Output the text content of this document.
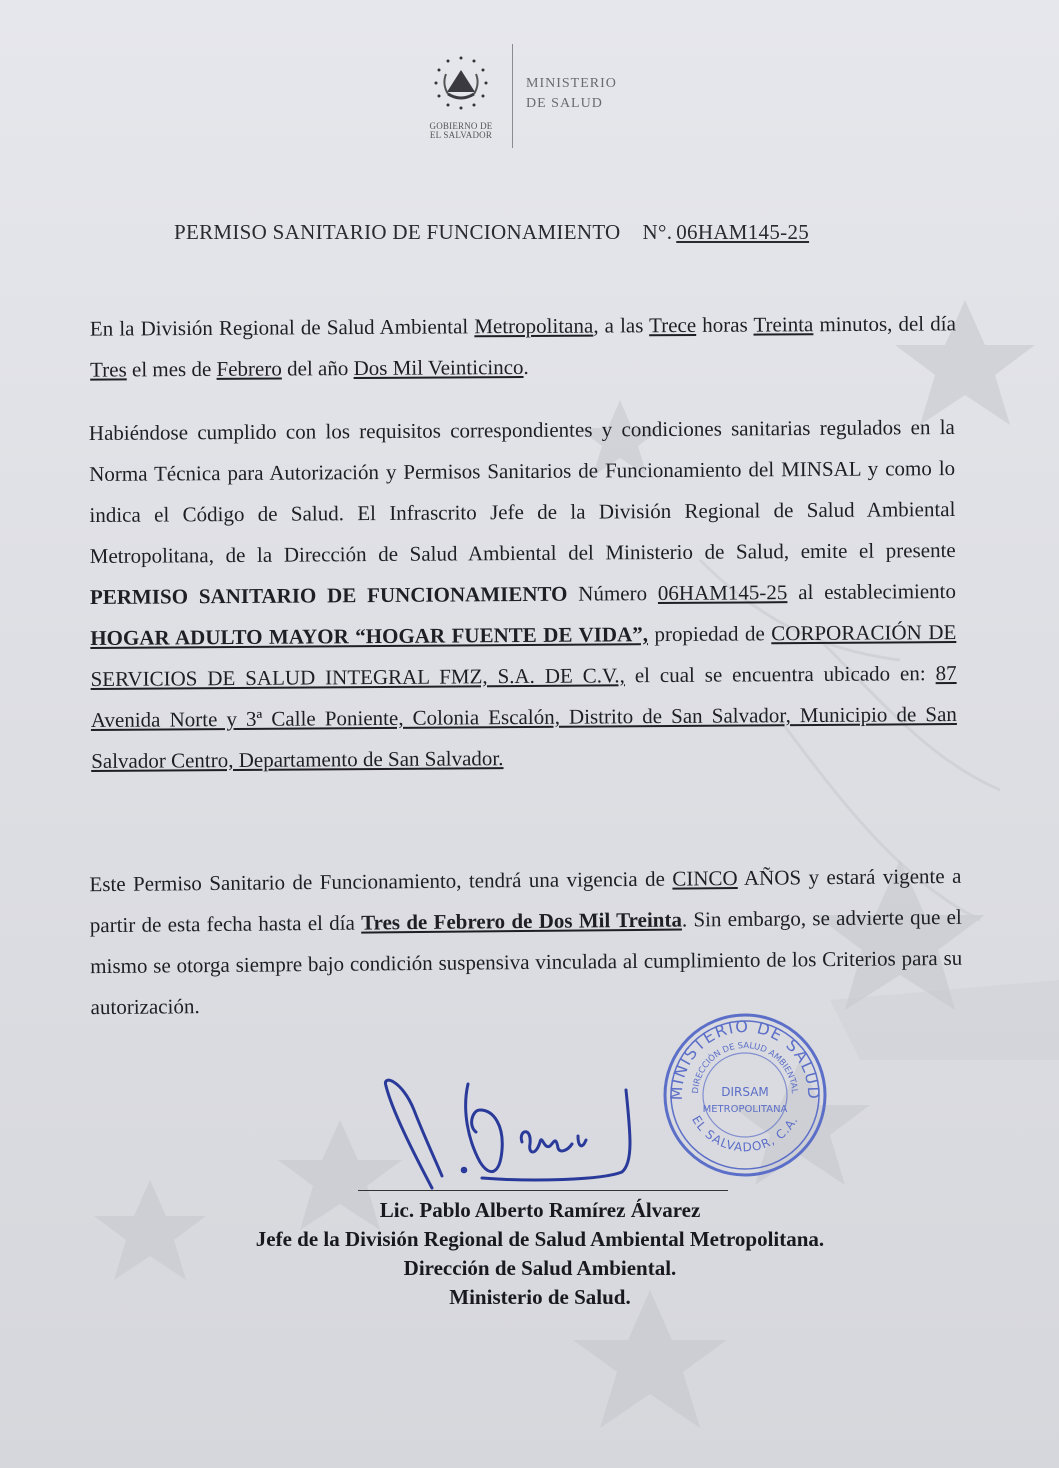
GOBIERNO DE
EL SALVADOR
MINISTERIO
DE SALUD
PERMISO SANITARIO DE FUNCIONAMIENTO N°. 06HAM145-25
En la División Regional de Salud Ambiental Metropolitana, a las Trece horas Treinta minutos, del día Tres el mes de Febrero del año Dos Mil Veinticinco.
Habiéndose cumplido con los requisitos correspondientes y condiciones sanitarias regulados en la Norma Técnica para Autorización y Permisos Sanitarios de Funcionamiento del MINSAL y como lo indica el Código de Salud. El Infrascrito Jefe de la División Regional de Salud Ambiental Metropolitana, de la Dirección de Salud Ambiental del Ministerio de Salud, emite el presente PERMISO SANITARIO DE FUNCIONAMIENTO Número 06HAM145-25 al establecimiento HOGAR ADULTO MAYOR “HOGAR FUENTE DE VIDA”, propiedad de CORPORACIÓN DE SERVICIOS DE SALUD INTEGRAL FMZ, S.A. DE C.V., el cual se encuentra ubicado en: 87 Avenida Norte y 3ª Calle Poniente, Colonia Escalón, Distrito de San Salvador, Municipio de San Salvador Centro, Departamento de San Salvador.
Este Permiso Sanitario de Funcionamiento, tendrá una vigencia de CINCO AÑOS y estará vigente a partir de esta fecha hasta el día Tres de Febrero de Dos Mil Treinta. Sin embargo, se advierte que el mismo se otorga siempre bajo condición suspensiva vinculada al cumplimiento de los Criterios para su autorización.
MINISTERIO DE SALUD
DIRECCIÓN DE SALUD AMBIENTAL
EL SALVADOR, C.A.
DIRSAM
METROPOLITANA
Lic. Pablo Alberto Ramírez Álvarez
Jefe de la División Regional de Salud Ambiental Metropolitana.
Dirección de Salud Ambiental.
Ministerio de Salud.
